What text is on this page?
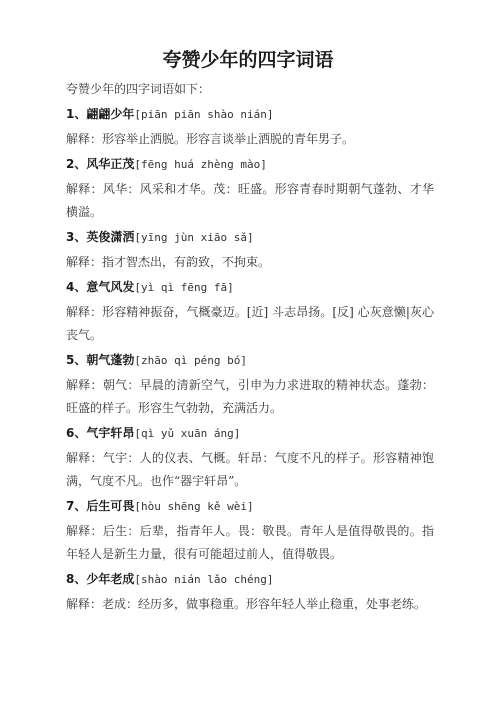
夸赞少年的四字词语
夸赞少年的四字词语如下：
1、翩翩少年[piān piān shào nián]
解释：形容举止洒脱。形容言谈举止洒脱的青年男子。
2、风华正茂[fēng huá zhèng mào]
解释：风华：风采和才华。茂：旺盛。形容青春时期朝气蓬勃、才华横溢。
3、英俊潇洒[yīng jùn xiāo sǎ]
解释：指才智杰出，有韵致，不拘束。
4、意气风发[yì qì fēng fā]
解释：形容精神振奋，气概豪迈。[近] 斗志昂扬。[反] 心灰意懒|灰心丧气。
5、朝气蓬勃[zhāo qì péng bó]
解释：朝气：早晨的清新空气，引申为力求进取的精神状态。蓬勃：旺盛的样子。形容生气勃勃，充满活力。
6、气宇轩昂[qì yǔ xuān áng]
解释：气宇：人的仪表、气概。轩昂：气度不凡的样子。形容精神饱满，气度不凡。也作“器宇轩昂”。
7、后生可畏[hòu shēng kě wèi]
解释：后生：后辈，指青年人。畏：敬畏。青年人是值得敬畏的。指年轻人是新生力量，很有可能超过前人，值得敬畏。
8、少年老成[shào nián lǎo chéng]
解释：老成：经历多，做事稳重。形容年轻人举止稳重，处事老练。
